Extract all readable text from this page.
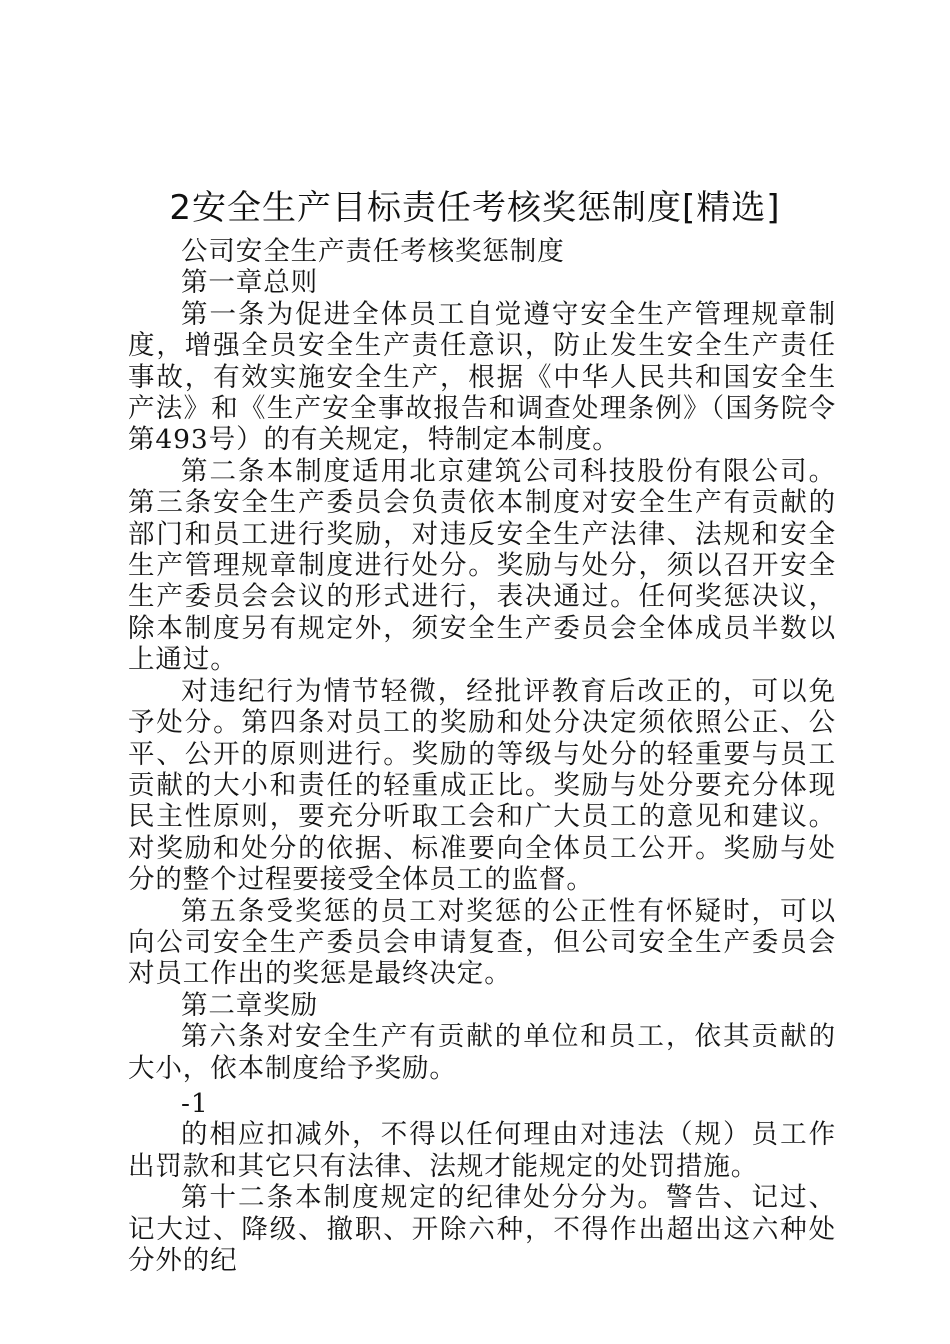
2安全生产目标责任考核奖惩制度[精选]

公司安全生产责任考核奖惩制度

第一章总则

第一条为促进全体员工自觉遵守安全生产管理规章制度，增强全员安全生产责任意识，防止发生安全生产责任事故，有效实施安全生产，根据《中华人民共和国安全生产法》和《生产安全事故报告和调查处理条例》（国务院令第493号）的有关规定，特制定本制度。

第二条本制度适用北京建筑公司科技股份有限公司。第三条安全生产委员会负责依本制度对安全生产有贡献的部门和员工进行奖励，对违反安全生产法律、法规和安全生产管理规章制度进行处分。奖励与处分，须以召开安全生产委员会会议的形式进行，表决通过。任何奖惩决议，除本制度另有规定外，须安全生产委员会全体成员半数以上通过。

对违纪行为情节轻微，经批评教育后改正的，可以免予处分。第四条对员工的奖励和处分决定须依照公正、公平、公开的原则进行。奖励的等级与处分的轻重要与员工贡献的大小和责任的轻重成正比。奖励与处分要充分体现民主性原则，要充分听取工会和广大员工的意见和建议。对奖励和处分的依据、标准要向全体员工公开。奖励与处分的整个过程要接受全体员工的监督。

第五条受奖惩的员工对奖惩的公正性有怀疑时，可以向公司安全生产委员会申请复查，但公司安全生产委员会对员工作出的奖惩是最终决定。

第二章奖励

第六条对安全生产有贡献的单位和员工，依其贡献的大小，依本制度给予奖励。

-1

的相应扣减外，不得以任何理由对违法（规）员工作出罚款和其它只有法律、法规才能规定的处罚措施。

第十二条本制度规定的纪律处分分为。警告、记过、记大过、降级、撤职、开除六种，不得作出超出这六种处分外的纪
